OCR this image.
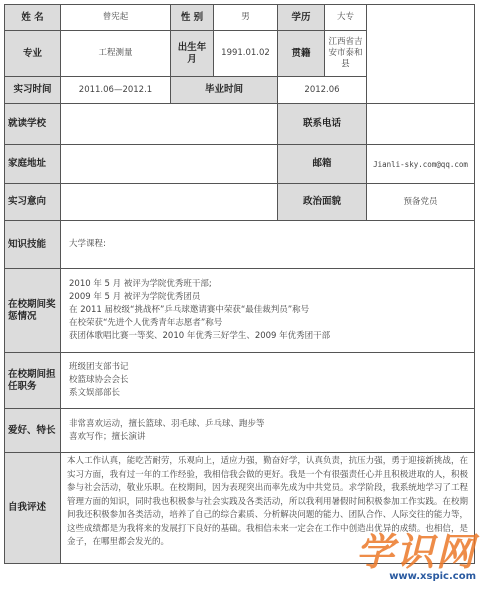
姓 名	曾宪起	性 别	男	学历	大专	
专业	工程测量	出生年月	1991.01.02	贯籍	江西省吉安市泰和县	
实习时间	2011.06—2012.1	毕业时间		2012.06		
就读学校				联系电话		
家庭地址				邮箱		Jianli-sky.com@qq.com
实习意向				政治面貌		预备党员
知识技能	大学课程:					
在校期间奖惩情况	2010 年 5 月 被评为学院优秀班干部;
2009 年 5 月 被评为学院优秀团员
在 2011 届校级“挑战杯”乒乓球邀请赛中荣获“最佳裁判员”称号
在校荣获“先进个人优秀青年志愿者”称号
获团体歌唱比赛一等奖、2010 年优秀三好学生、2009 年优秀团干部					

在校期间担任职务	班级团支部书记
校篮球协会会长
系文娱部部长					

爱好、特长	非常喜欢运动，擅长篮球、羽毛球、乒乓球、跑步等
喜欢写作；擅长演讲					

自我评述	本人工作认真，能吃苦耐劳，乐观向上，适应力强，勤奋好学，认真负责，抗压力强，勇于迎接新挑战，在实习方面，我有过一年的工作经验，我相信我会做的更好。我是一个有很强责任心并且积极进取的人，积极参与社会活动，敬业乐职。在校期间，因为表现突出而率先成为中共党员。求学阶段，我系统地学习了工程管理方面的知识，同时我也积极参与社会实践及各类活动，所以我利用暑假时间积极参加工作实践。在校期间我还积极参加各类活动，培养了自己的综合素质、分析解决问题的能力、团队合作、人际交往的能力等，这些成绩都是为我将来的发展打下良好的基础。我相信未来一定会在工作中创造出优异的成绩。也相信，是金子，在哪里都会发光的。						学识网
www.xspic.com
